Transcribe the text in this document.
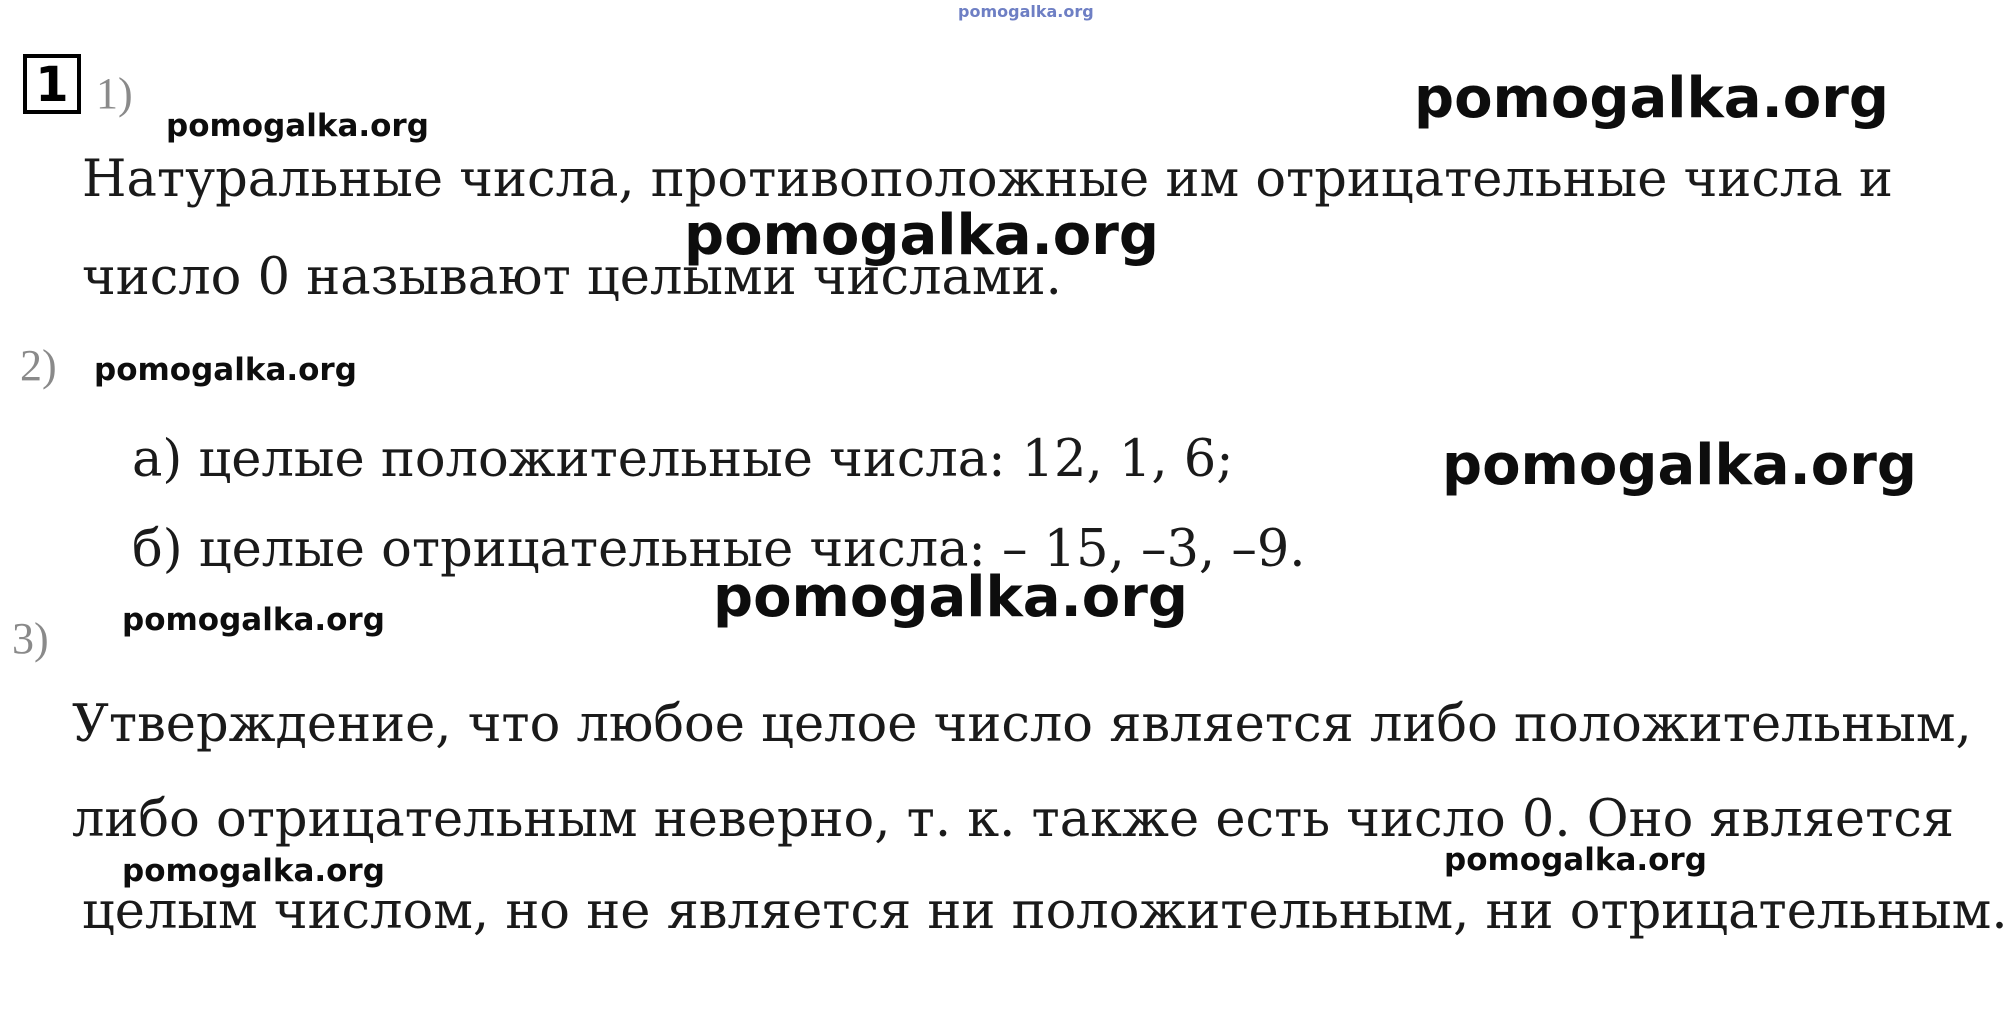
pomogalka.org
1 1)
Натуральные числа, противоположные им отрицательные числа и
число 0 называют целыми числами.
2)
а) целые положительные числа: 12, 1, 6;
б) целые отрицательные числа: – 15, –3, –9.
3)
Утверждение, что любое целое число является либо положительным,
либо отрицательным неверно, т. к. также есть число 0. Оно является
целым числом, но не является ни положительным, ни отрицательным.
pomogalka.org
pomogalka.org
pomogalka.org
pomogalka.org
pomogalka.org
pomogalka.org
pomogalka.org
pomogalka.org
pomogalka.org
